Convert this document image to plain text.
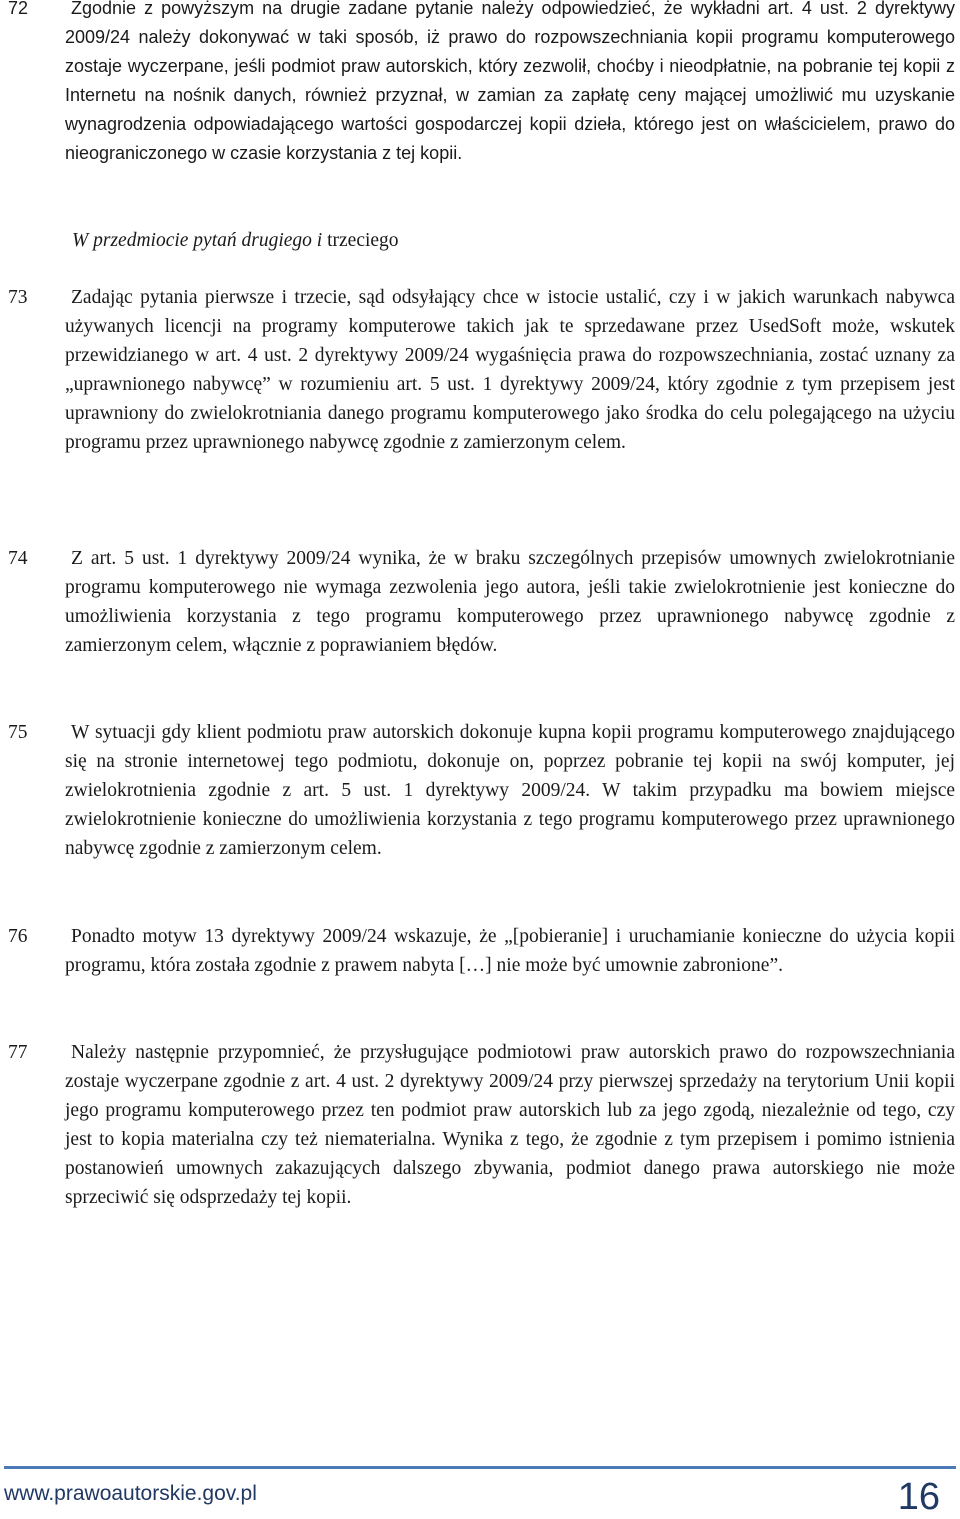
72	Zgodnie z powyższym na drugie zadane pytanie należy odpowiedzieć, że wykładni art. 4 ust. 2 dyrektywy 2009/24 należy dokonywać w taki sposób, iż prawo do rozpowszechniania kopii programu komputerowego zostaje wyczerpane, jeśli podmiot praw autorskich, który zezwolił, choćby i nieodpłatnie, na pobranie tej kopii z Internetu na nośnik danych, również przyznał, w zamian za zapłatę ceny mającej umożliwić mu uzyskanie wynagrodzenia odpowiadającego wartości gospodarczej kopii dzieła, którego jest on właścicielem, prawo do nieograniczonego w czasie korzystania z tej kopii.
W przedmiocie pytań drugiego i trzeciego
73	Zadając pytania pierwsze i trzecie, sąd odsyłający chce w istocie ustalić, czy i w jakich warunkach nabywca używanych licencji na programy komputerowe takich jak te sprzedawane przez UsedSoft może, wskutek przewidzianego w art. 4 ust. 2 dyrektywy 2009/24 wygaśnięcia prawa do rozpowszechniania, zostać uznany za „uprawnionego nabywcę” w rozumieniu art. 5 ust. 1 dyrektywy 2009/24, który zgodnie z tym przepisem jest uprawniony do zwielokrotniania danego programu komputerowego jako środka do celu polegającego na użyciu programu przez uprawnionego nabywcę zgodnie z zamierzonym celem.
74	Z art. 5 ust. 1 dyrektywy 2009/24 wynika, że w braku szczególnych przepisów umownych zwielokrotnianie programu komputerowego nie wymaga zezwolenia jego autora, jeśli takie zwielokrotnienie jest konieczne do umożliwienia korzystania z tego programu komputerowego przez uprawnionego nabywcę zgodnie z zamierzonym celem, włącznie z poprawianiem błędów.
75	W sytuacji gdy klient podmiotu praw autorskich dokonuje kupna kopii programu komputerowego znajdującego się na stronie internetowej tego podmiotu, dokonuje on, poprzez pobranie tej kopii na swój komputer, jej zwielokrotnienia zgodnie z art. 5 ust. 1 dyrektywy 2009/24. W takim przypadku ma bowiem miejsce zwielokrotnienie konieczne do umożliwienia korzystania z tego programu komputerowego przez uprawnionego nabywcę zgodnie z zamierzonym celem.
76	Ponadto motyw 13 dyrektywy 2009/24 wskazuje, że „[pobieranie] i uruchamianie konieczne do użycia kopii programu, która została zgodnie z prawem nabyta […] nie może być umownie zabronione”.
77	Należy następnie przypomnieć, że przysługujące podmiotowi praw autorskich prawo do rozpowszechniania zostaje wyczerpane zgodnie z art. 4 ust. 2 dyrektywy 2009/24 przy pierwszej sprzedaży na terytorium Unii kopii jego programu komputerowego przez ten podmiot praw autorskich lub za jego zgodą, niezależnie od tego, czy jest to kopia materialna czy też niematerialna. Wynika z tego, że zgodnie z tym przepisem i pomimo istnienia postanowień umownych zakazujących dalszego zbywania, podmiot danego prawa autorskiego nie może sprzeciwić się odsprzedaży tej kopii.
www.prawoautorskie.gov.pl	16
